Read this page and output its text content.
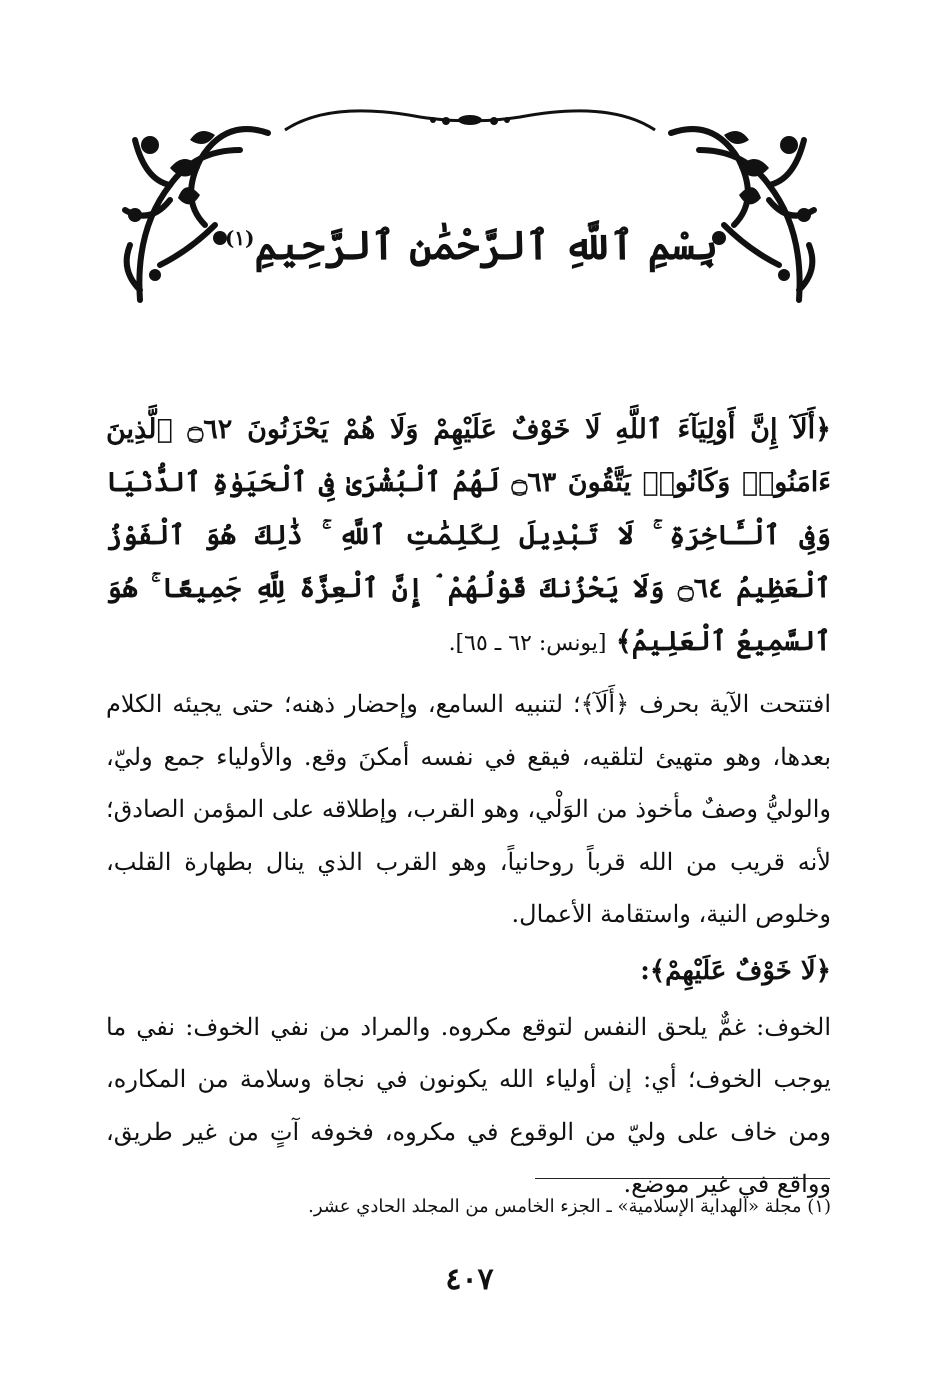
بِسْمِ ٱللَّهِ ٱلرَّحْمَٰنِ ٱلرَّحِيمِ$^{(١)}$

﴿أَلَآ إِنَّ أَوْلِيَآءَ ٱللَّهِ لَا خَوْفٌ عَلَيْهِمْ وَلَا هُمْ يَحْزَنُونَ ۝٦٢ ٱلَّذِينَ ءَامَنُوا۟ وَكَانُوا۟ يَتَّقُونَ ۝٦٣ لَهُمُ ٱلْبُشْرَىٰ فِى ٱلْحَيَوٰةِ ٱلدُّنْيَا وَفِى ٱلْـَٔاخِرَةِ ۚ لَا تَبْدِيلَ لِكَلِمَٰتِ ٱللَّهِ ۚ ذَٰلِكَ هُوَ ٱلْفَوْزُ ٱلْعَظِيمُ ۝٦٤ وَلَا يَحْزُنكَ قَوْلُهُمْ ۘ إِنَّ ٱلْعِزَّةَ لِلَّهِ جَمِيعًا ۚ هُوَ ٱلسَّمِيعُ ٱلْعَلِيمُ﴾ [يونس: ٦٢ ـ ٦٥].

افتتحت الآية بحرف ﴿أَلَآ﴾؛ لتنبيه السامع، وإحضار ذهنه؛ حتى يجيئه الكلام بعدها، وهو متهيئ لتلقيه، فيقع في نفسه أمكنَ وقع. والأولياء جمع وليّ، والوليُّ وصفٌ مأخوذ من الوَلْي، وهو القرب، وإطلاقه على المؤمن الصادق؛ لأنه قريب من الله قرباً روحانياً، وهو القرب الذي ينال بطهارة القلب، وخلوص النية، واستقامة الأعمال.

﴿لَا خَوْفٌ عَلَيْهِمْ﴾:

الخوف: غمٌّ يلحق النفس لتوقع مكروه. والمراد من نفي الخوف: نفي ما يوجب الخوف؛ أي: إن أولياء الله يكونون في نجاة وسلامة من المكاره، ومن خاف على وليّ من الوقوع في مكروه، فخوفه آتٍ من غير طريق، وواقع في غير موضع.

(١) مجلة «الهداية الإسلامية» ـ الجزء الخامس من المجلد الحادي عشر.
٤٠٧
